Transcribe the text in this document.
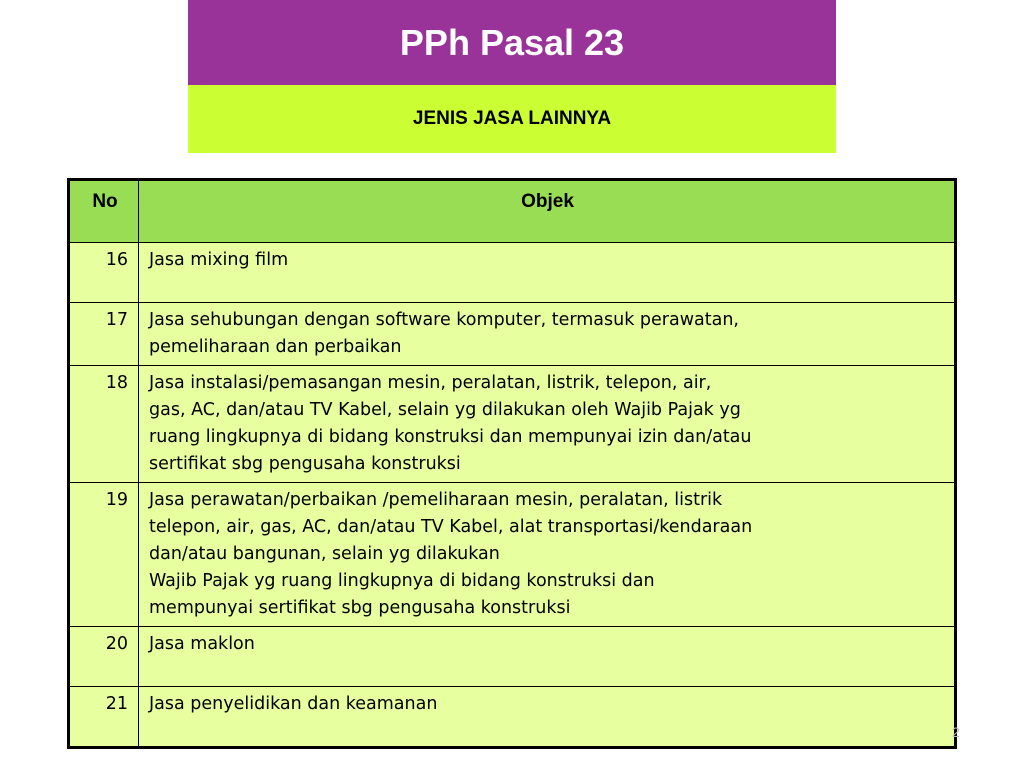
PPh Pasal 23
JENIS JASA LAINNYA
No	Objek
16	Jasa mixing film

17	Jasa sehubungan dengan software komputer, termasuk perawatan,
pemeliharaan dan perbaikan

18	Jasa instalasi/pemasangan mesin, peralatan, listrik, telepon, air,
gas, AC, dan/atau TV Kabel, selain yg dilakukan oleh Wajib Pajak yg
ruang lingkupnya di bidang konstruksi dan mempunyai izin dan/atau
sertifikat sbg pengusaha konstruksi

19	Jasa perawatan/perbaikan /pemeliharaan mesin, peralatan, listrik
telepon, air, gas, AC, dan/atau TV Kabel, alat transportasi/kendaraan
dan/atau bangunan, selain yg dilakukan
Wajib Pajak yg ruang lingkupnya di bidang konstruksi dan
mempunyai sertifikat sbg pengusaha konstruksi

20	Jasa maklon

21	Jasa penyelidikan dan keamanan
2
